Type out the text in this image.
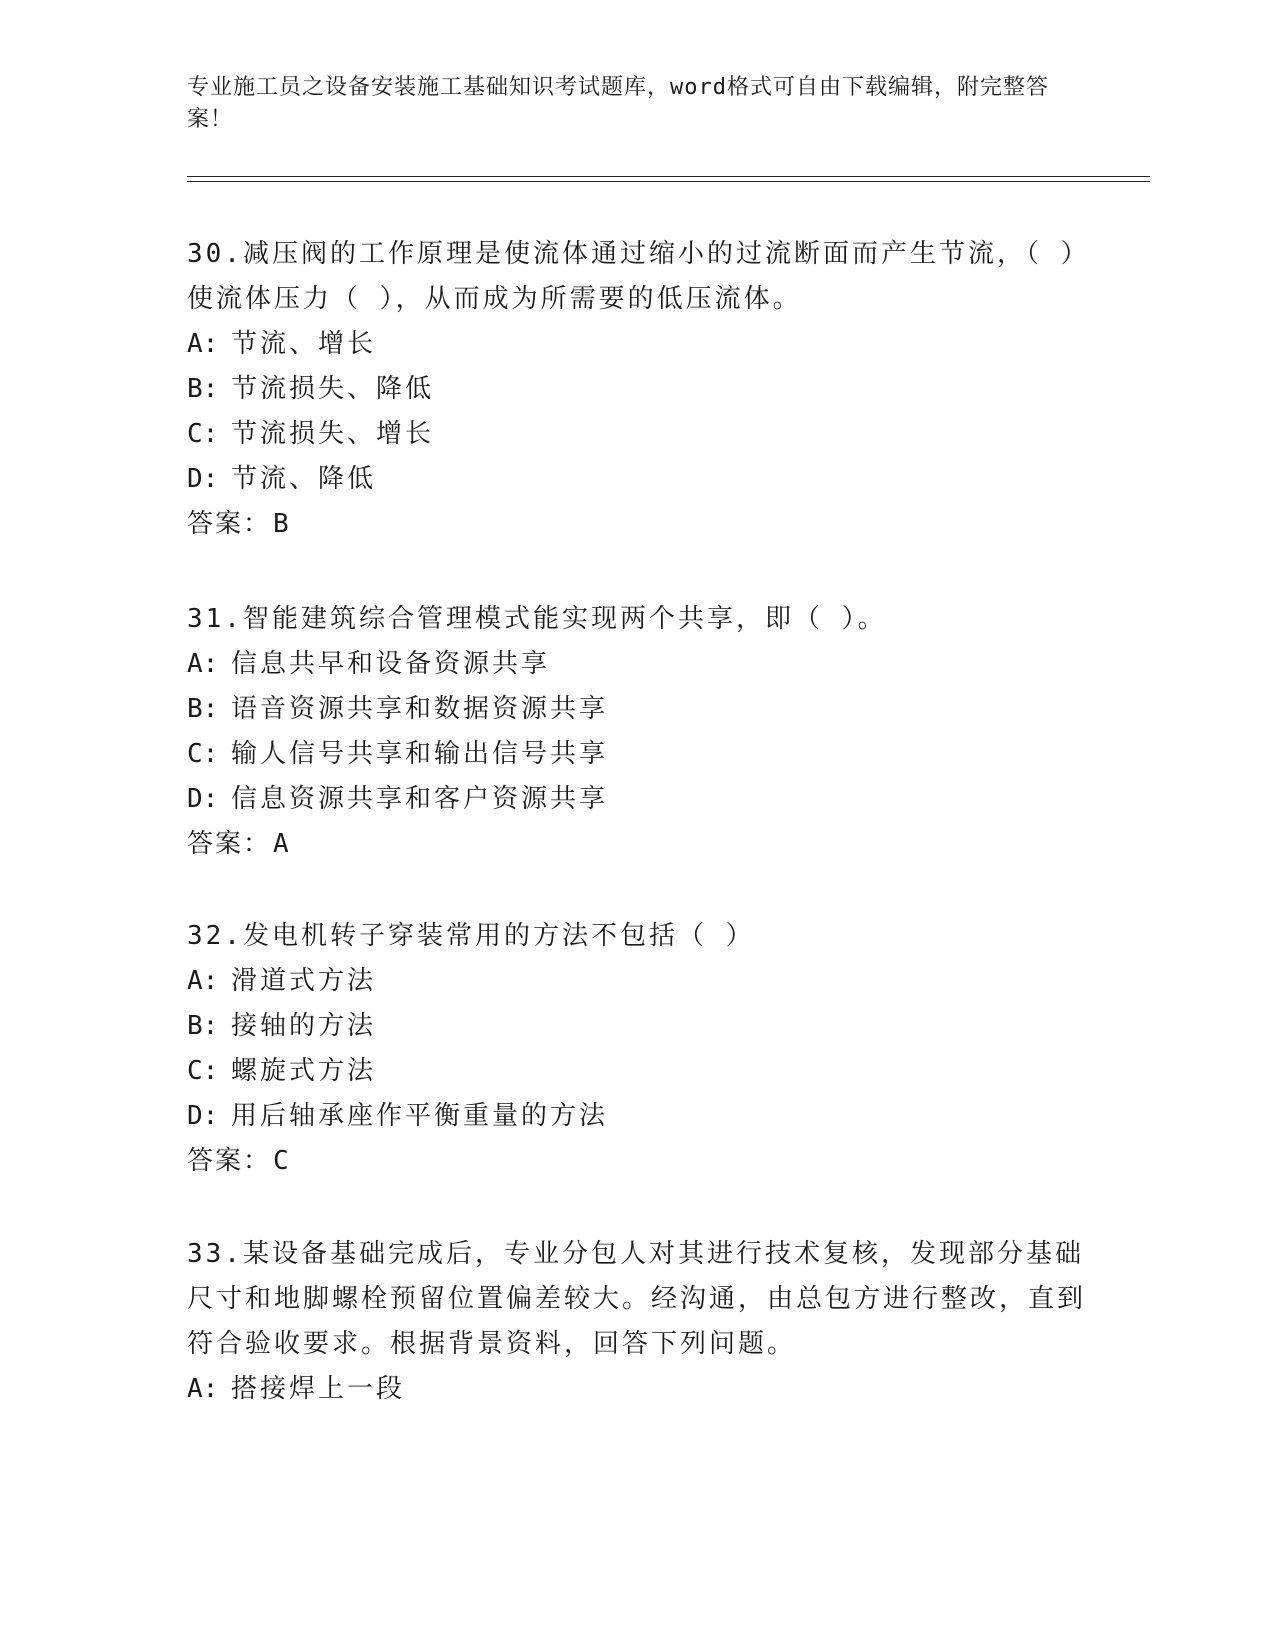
专业施工员之设备安装施工基础知识考试题库，word格式可自由下载编辑，附完整答案！

30.减压阀的工作原理是使流体通过缩小的过流断面而产生节流，（ ）使流体压力（ ），从而成为所需要的低压流体。

A: 节流、增长
B: 节流损失、降低
C: 节流损失、增长
D: 节流、降低

答案：B

31.智能建筑综合管理模式能实现两个共享，即（ ）。

A: 信息共早和设备资源共享
B: 语音资源共享和数据资源共享
C: 输人信号共享和输出信号共享
D: 信息资源共享和客户资源共享

答案：A

32.发电机转子穿装常用的方法不包括（ ）

A: 滑道式方法
B: 接轴的方法
C: 螺旋式方法
D: 用后轴承座作平衡重量的方法

答案：C

33.某设备基础完成后，专业分包人对其进行技术复核，发现部分基础尺寸和地脚螺栓预留位置偏差较大。经沟通，由总包方进行整改，直到符合验收要求。根据背景资料，回答下列问题。

A: 搭接焊上一段
